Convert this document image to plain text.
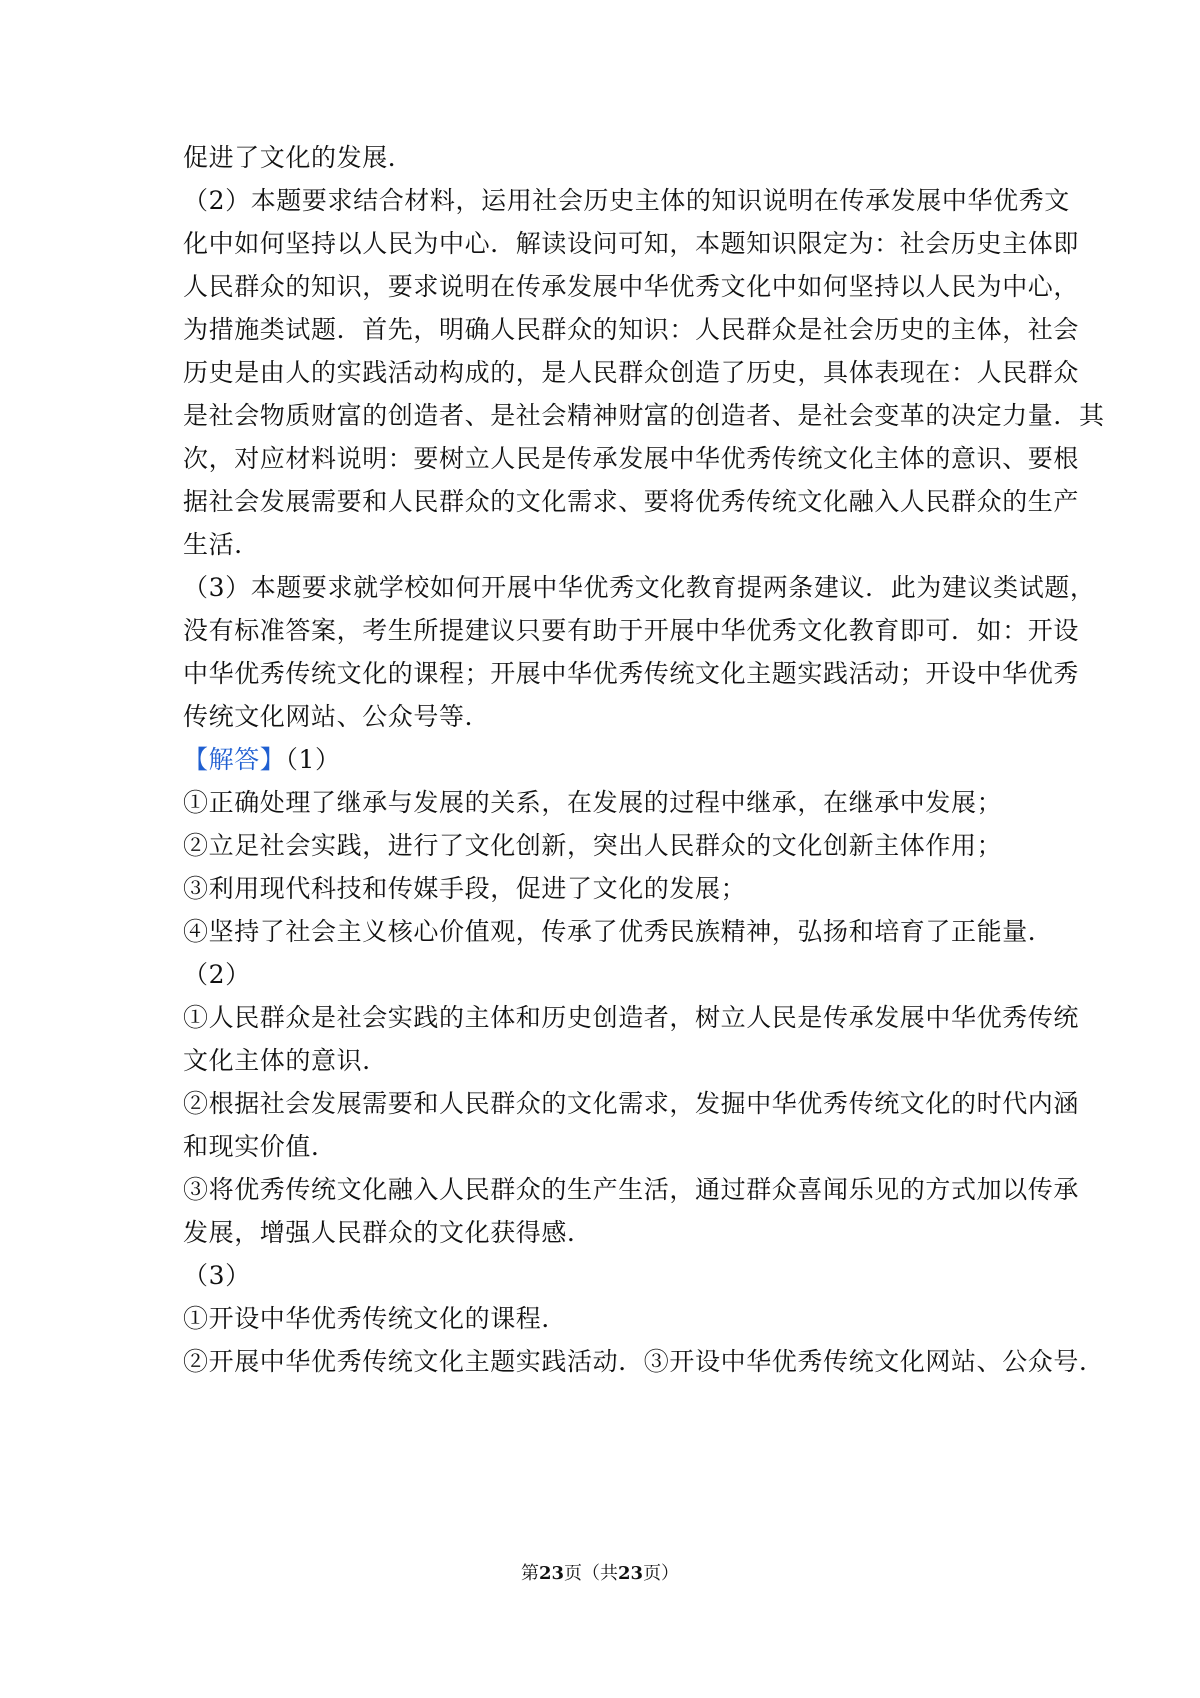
促进了文化的发展．
（2）本题要求结合材料，运用社会历史主体的知识说明在传承发展中华优秀文
化中如何坚持以人民为中心．解读设问可知，本题知识限定为：社会历史主体即
人民群众的知识，要求说明在传承发展中华优秀文化中如何坚持以人民为中心，
为措施类试题．首先，明确人民群众的知识：人民群众是社会历史的主体，社会
历史是由人的实践活动构成的，是人民群众创造了历史，具体表现在：人民群众
是社会物质财富的创造者、是社会精神财富的创造者、是社会变革的决定力量．其
次，对应材料说明：要树立人民是传承发展中华优秀传统文化主体的意识、要根
据社会发展需要和人民群众的文化需求、要将优秀传统文化融入人民群众的生产
生活．
（3）本题要求就学校如何开展中华优秀文化教育提两条建议．此为建议类试题，
没有标准答案，考生所提建议只要有助于开展中华优秀文化教育即可．如：开设
中华优秀传统文化的课程；开展中华优秀传统文化主题实践活动；开设中华优秀
传统文化网站、公众号等．
【解答】（1）
①正确处理了继承与发展的关系，在发展的过程中继承，在继承中发展；
②立足社会实践，进行了文化创新，突出人民群众的文化创新主体作用；
③利用现代科技和传媒手段，促进了文化的发展；
④坚持了社会主义核心价值观，传承了优秀民族精神，弘扬和培育了正能量．
（2）
①人民群众是社会实践的主体和历史创造者，树立人民是传承发展中华优秀传统
文化主体的意识．
②根据社会发展需要和人民群众的文化需求，发掘中华优秀传统文化的时代内涵
和现实价值．
③将优秀传统文化融入人民群众的生产生活，通过群众喜闻乐见的方式加以传承
发展，增强人民群众的文化获得感．
（3）
①开设中华优秀传统文化的课程．
②开展中华优秀传统文化主题实践活动．③开设中华优秀传统文化网站、公众号．
第23页（共23页）
